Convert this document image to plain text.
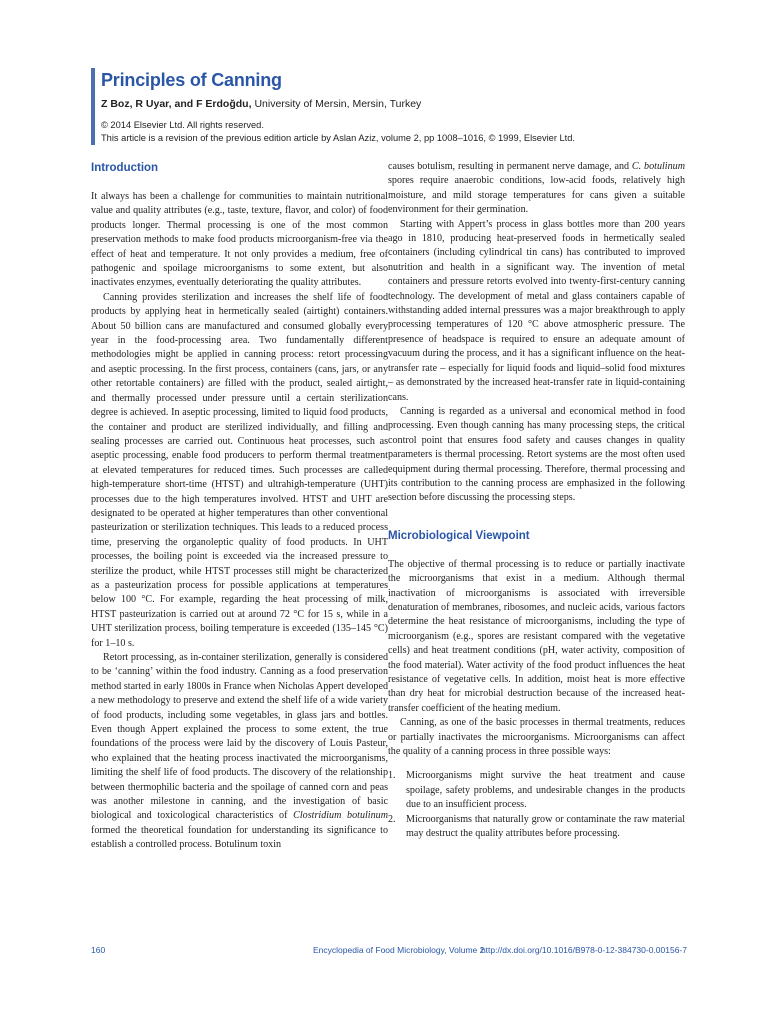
Principles of Canning
Z Boz, R Uyar, and F Erdoğdu, University of Mersin, Mersin, Turkey
© 2014 Elsevier Ltd. All rights reserved.
This article is a revision of the previous edition article by Aslan Aziz, volume 2, pp 1008–1016, © 1999, Elsevier Ltd.
Introduction

It always has been a challenge for communities to maintain nutritional value and quality attributes (e.g., taste, texture, flavor, and color) of food products longer. Thermal processing is one of the most common preservation methods to make food products microorganism-free via the effect of heat and temperature. It not only provides a medium, free of pathogenic and spoilage microorganisms to some extent, but also inactivates enzymes, eventually deteriorating the quality attributes.

Canning provides sterilization and increases the shelf life of food products by applying heat in hermetically sealed (airtight) containers. About 50 billion cans are manufactured and consumed globally every year in the food-processing area. Two fundamentally different methodologies might be applied in canning process: retort processing and aseptic processing. In the first process, containers (cans, jars, or any other retortable containers) are filled with the product, sealed airtight, and thermally processed under pressure until a certain sterilization degree is achieved. In aseptic processing, limited to liquid food products, the container and product are sterilized individually, and filling and sealing processes are carried out. Continuous heat processes, such as aseptic processing, enable food producers to perform thermal treatment at elevated temperatures for reduced times. Such processes are called high-temperature short-time (HTST) and ultrahigh-temperature (UHT) processes due to the high temperatures involved. HTST and UHT are designated to be operated at higher temperatures than other conventional pasteurization or sterilization techniques. This leads to a reduced process time, preserving the organoleptic quality of food products. In UHT processes, the boiling point is exceeded via the increased pressure to sterilize the product, while HTST processes still might be characterized as a pasteurization process for possible applications at temperatures below 100 °C. For example, regarding the heat processing of milk, HTST pasteurization is carried out at around 72 °C for 15 s, while in a UHT sterilization process, boiling temperature is exceeded (135–145 °C) for 1–10 s.

Retort processing, as in-container sterilization, generally is considered to be ‘canning’ within the food industry. Canning as a food preservation method started in early 1800s in France when Nicholas Appert developed a new methodology to preserve and extend the shelf life of a wide variety of food products, including some vegetables, in glass jars and bottles. Even though Appert explained the process to some extent, the true foundations of the process were laid by the discovery of Louis Pasteur, who explained that the heating process inactivated the microorganisms, limiting the shelf life of food products. The discovery of the relationship between thermophilic bacteria and the spoilage of canned corn and peas was another milestone in canning, and the investigation of basic biological and toxicological characteristics of Clostridium botulinum formed the theoretical foundation for understanding its significance to establish a controlled process. Botulinum toxin

causes botulism, resulting in permanent nerve damage, and C. botulinum spores require anaerobic conditions, low-acid foods, relatively high moisture, and mild storage temperatures for cans given a suitable environment for their germination.

Starting with Appert’s process in glass bottles more than 200 years ago in 1810, producing heat-preserved foods in hermetically sealed containers (including cylindrical tin cans) has contributed to improved nutrition and health in a significant way. The invention of metal containers and pressure retorts evolved into twenty-first-century canning technology. The development of metal and glass containers capable of withstanding added internal pressures was a major breakthrough to apply processing temperatures of 120 °C above atmospheric pressure. The presence of headspace is required to ensure an adequate amount of vacuum during the process, and it has a significant influence on the heat-transfer rate – especially for liquid foods and liquid–solid food mixtures – as demonstrated by the increased heat-transfer rate in liquid-containing cans.

Canning is regarded as a universal and economical method in food processing. Even though canning has many processing steps, the critical control point that ensures food safety and causes changes in quality parameters is thermal processing. Retort systems are the most often used equipment during thermal processing. Therefore, thermal processing and its contribution to the canning process are emphasized in the following section before discussing the processing steps.

Microbiological Viewpoint

The objective of thermal processing is to reduce or partially inactivate the microorganisms that exist in a medium. Although thermal inactivation of microorganisms is associated with irreversible denaturation of membranes, ribosomes, and nucleic acids, various factors determine the heat resistance of microorganisms, including the type of microorganism (e.g., spores are resistant compared with the vegetative cells) and heat treatment conditions (pH, water activity, composition of the food material). Water activity of the food product influences the heat resistance of vegetative cells. In addition, moist heat is more effective than dry heat for microbial destruction because of the increased heat-transfer coefficient of the heating medium.

Canning, as one of the basic processes in thermal treatments, reduces or partially inactivates the microorganisms. Microorganisms can affect the quality of a canning process in three possible ways:

1. Microorganisms might survive the heat treatment and cause spoilage, safety problems, and undesirable changes in the products due to an insufficient process.
2. Microorganisms that naturally grow or contaminate the raw material may destruct the quality attributes before processing.
160	Encyclopedia of Food Microbiology, Volume 2
http://dx.doi.org/10.1016/B978-0-12-384730-0.00156-7
